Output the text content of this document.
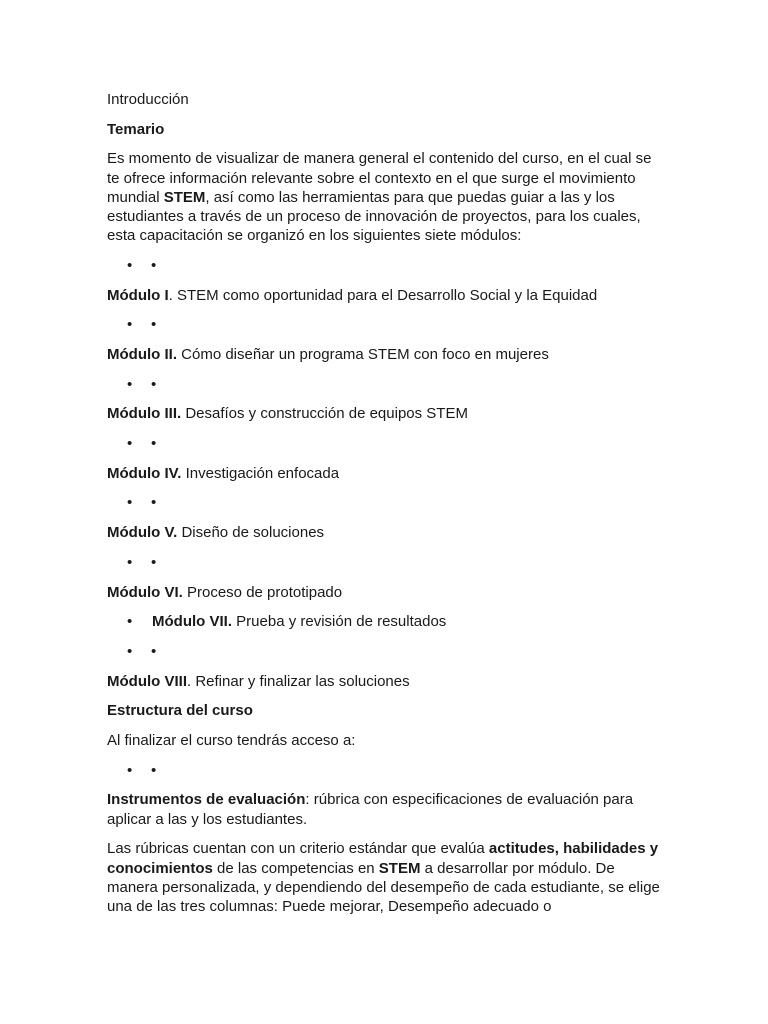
Introducción

Temario

Es momento de visualizar de manera general el contenido del curso, en el cual se te ofrece información relevante sobre el contexto en el que surge el movimiento mundial STEM, así como las herramientas para que puedas guiar a las y los estudiantes a través de un proceso de innovación de proyectos, para los cuales, esta capacitación se organizó en los siguientes siete módulos:

• •

Módulo I. STEM como oportunidad para el Desarrollo Social y la Equidad

• •

Módulo II. Cómo diseñar un programa STEM con foco en mujeres

• •

Módulo III. Desafíos y construcción de equipos STEM

• •

Módulo IV. Investigación enfocada

• •

Módulo V. Diseño de soluciones

• •

Módulo VI. Proceso de prototipado

• Módulo VII. Prueba y revisión de resultados
• •

Módulo VIII. Refinar y finalizar las soluciones

Estructura del curso

Al finalizar el curso tendrás acceso a:

• •

Instrumentos de evaluación: rúbrica con especificaciones de evaluación para aplicar a las y los estudiantes.

Las rúbricas cuentan con un criterio estándar que evalúa actitudes, habilidades y conocimientos de las competencias en STEM a desarrollar por módulo. De manera personalizada, y dependiendo del desempeño de cada estudiante, se elige una de las tres columnas: Puede mejorar, Desempeño adecuado o
